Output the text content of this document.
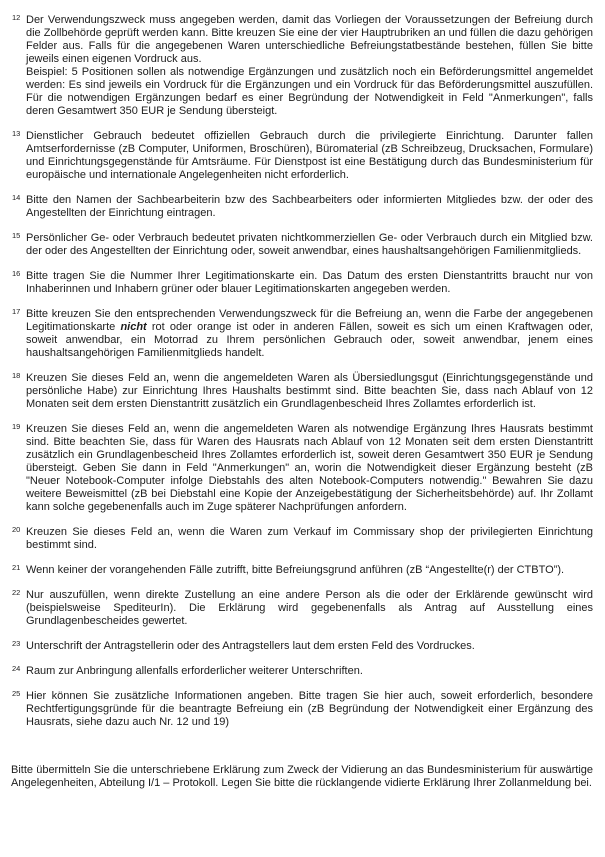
12 Der Verwendungszweck muss angegeben werden, damit das Vorliegen der Voraussetzungen der Befreiung durch die Zollbehörde geprüft werden kann. Bitte kreuzen Sie eine der vier Hauptrubriken an und füllen die dazu gehörigen Felder aus. Falls für die angegebenen Waren unterschiedliche Befreiungstatbestände bestehen, füllen Sie bitte jeweils einen eigenen Vordruck aus.

Beispiel: 5 Positionen sollen als notwendige Ergänzungen und zusätzlich noch ein Beförderungsmittel angemeldet werden: Es sind jeweils ein Vordruck für die Ergänzungen und ein Vordruck für das Beförderungsmittel auszufüllen. Für die notwendigen Ergänzungen bedarf es einer Begründung der Notwendigkeit in Feld "Anmerkungen", falls deren Gesamtwert 350 EUR je Sendung übersteigt.

13 Dienstlicher Gebrauch bedeutet offiziellen Gebrauch durch die privilegierte Einrichtung. Darunter fallen Amtserfordernisse (zB Computer, Uniformen, Broschüren), Büromaterial (zB Schreibzeug, Drucksachen, Formulare) und Einrichtungsgegenstände für Amtsräume. Für Dienstpost ist eine Bestätigung durch das Bundesministerium für europäische und internationale Angelegenheiten nicht erforderlich.

14 Bitte den Namen der Sachbearbeiterin bzw des Sachbearbeiters oder informierten Mitgliedes bzw. der oder des Angestellten der Einrichtung eintragen.

15 Persönlicher Ge- oder Verbrauch bedeutet privaten nichtkommerziellen Ge- oder Verbrauch durch ein Mitglied bzw. der oder des Angestellten der Einrichtung oder, soweit anwendbar, eines haushaltsangehörigen Familienmitglieds.

16 Bitte tragen Sie die Nummer Ihrer Legitimationskarte ein. Das Datum des ersten Dienstantritts braucht nur von Inhaberinnen und Inhabern grüner oder blauer Legitimationskarten angegeben werden.

17 Bitte kreuzen Sie den entsprechenden Verwendungszweck für die Befreiung an, wenn die Farbe der angegebenen Legitimationskarte nicht rot oder orange ist oder in anderen Fällen, soweit es sich um einen Kraftwagen oder, soweit anwendbar, ein Motorrad zu Ihrem persönlichen Gebrauch oder, soweit anwendbar, jenem eines haushaltsangehörigen Familienmitglieds handelt.

18 Kreuzen Sie dieses Feld an, wenn die angemeldeten Waren als Übersiedlungsgut (Einrichtungsgegenstände und persönliche Habe) zur Einrichtung Ihres Haushalts bestimmt sind. Bitte beachten Sie, dass nach Ablauf von 12 Monaten seit dem ersten Dienstantritt zusätzlich ein Grundlagenbescheid Ihres Zollamtes erforderlich ist.

19 Kreuzen Sie dieses Feld an, wenn die angemeldeten Waren als notwendige Ergänzung Ihres Hausrats bestimmt sind. Bitte beachten Sie, dass für Waren des Hausrats nach Ablauf von 12 Monaten seit dem ersten Dienstantritt zusätzlich ein Grundlagenbescheid Ihres Zollamtes erforderlich ist, soweit deren Gesamtwert 350 EUR je Sendung übersteigt. Geben Sie dann in Feld "Anmerkungen" an, worin die Notwendigkeit dieser Ergänzung besteht (zB "Neuer Notebook-Computer infolge Diebstahls des alten Notebook-Computers notwendig." Bewahren Sie dazu weitere Beweismittel (zB bei Diebstahl eine Kopie der Anzeigebestätigung der Sicherheitsbehörde) auf. Ihr Zollamt kann solche gegebenenfalls auch im Zuge späterer Nachprüfungen anfordern.

20 Kreuzen Sie dieses Feld an, wenn die Waren zum Verkauf im Commissary shop der privilegierten Einrichtung bestimmt sind.

21 Wenn keiner der vorangehenden Fälle zutrifft, bitte Befreiungsgrund anführen (zB “Angestellte(r) der CTBTO”).

22 Nur auszufüllen, wenn direkte Zustellung an eine andere Person als die oder der Erklärende gewünscht wird (beispielsweise SpediteurIn). Die Erklärung wird gegebenenfalls als Antrag auf Ausstellung eines Grundlagenbescheides gewertet.

23 Unterschrift der Antragstellerin oder des Antragstellers laut dem ersten Feld des Vordruckes.

24 Raum zur Anbringung allenfalls erforderlicher weiterer Unterschriften.

25 Hier können Sie zusätzliche Informationen angeben. Bitte tragen Sie hier auch, soweit erforderlich, besondere Rechtfertigungsgründe für die beantragte Befreiung ein (zB Begründung der Notwendigkeit einer Ergänzung des Hausrats, siehe dazu auch Nr. 12 und 19)

Bitte übermitteln Sie die unterschriebene Erklärung zum Zweck der Vidierung an das Bundesministerium für auswärtige Angelegenheiten, Abteilung I/1 – Protokoll. Legen Sie bitte die rücklangende vidierte Erklärung Ihrer Zollanmeldung bei.
